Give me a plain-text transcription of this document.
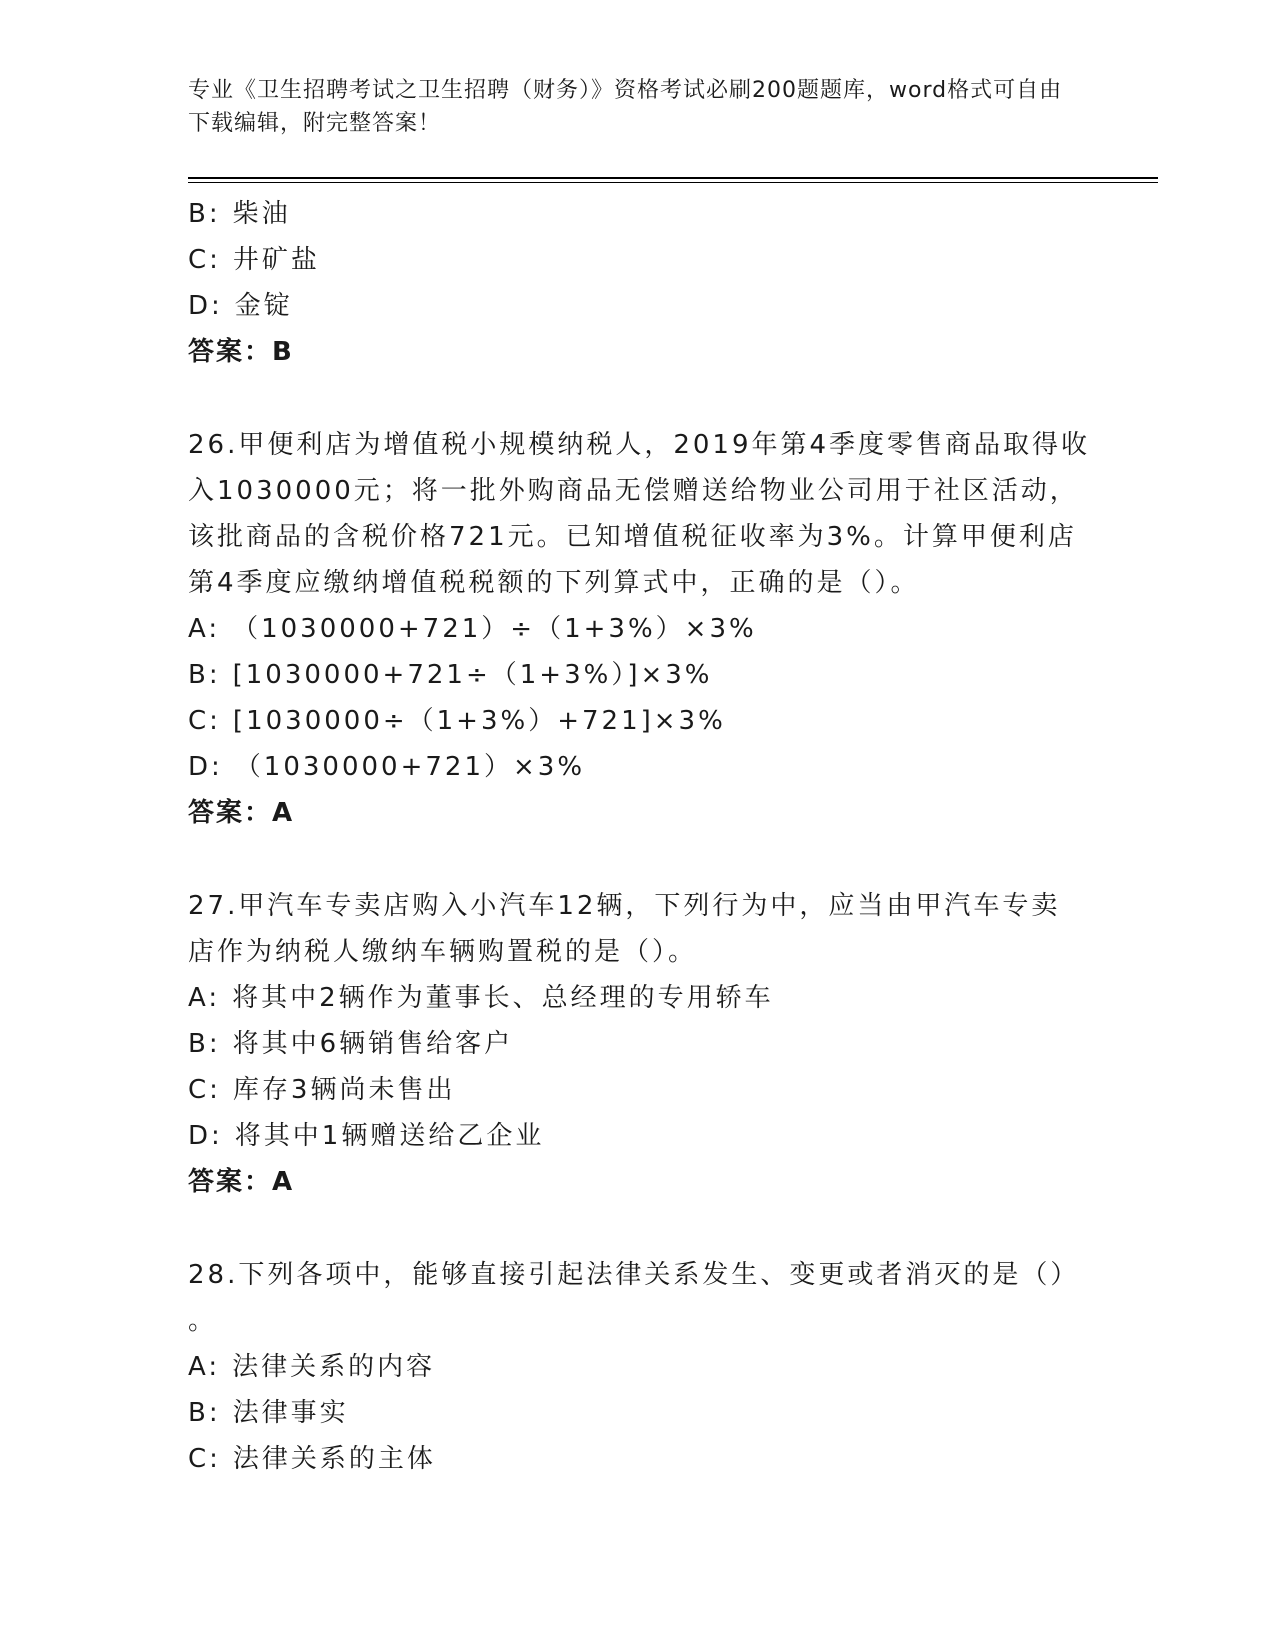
专业《卫生招聘考试之卫生招聘（财务）》资格考试必刷200题题库，word格式可自由下载编辑，附完整答案！
B: 柴油
C: 井矿盐
D: 金锭
答案：B
26.甲便利店为增值税小规模纳税人，2019年第4季度零售商品取得收
入1030000元；将一批外购商品无偿赠送给物业公司用于社区活动，
该批商品的含税价格721元。已知增值税征收率为3%。计算甲便利店
第4季度应缴纳增值税税额的下列算式中，正确的是（）。
A: （1030000+721）÷（1+3%）×3%
B: [1030000+721÷（1+3%）]×3%
C: [1030000÷（1+3%）+721]×3%
D: （1030000+721）×3%
答案：A
27.甲汽车专卖店购入小汽车12辆，下列行为中，应当由甲汽车专卖
店作为纳税人缴纳车辆购置税的是（）。
A: 将其中2辆作为董事长、总经理的专用轿车
B: 将其中6辆销售给客户
C: 库存3辆尚未售出
D: 将其中1辆赠送给乙企业
答案：A
28.下列各项中，能够直接引起法律关系发生、变更或者消灭的是（）
。
A: 法律关系的内容
B: 法律事实
C: 法律关系的主体
